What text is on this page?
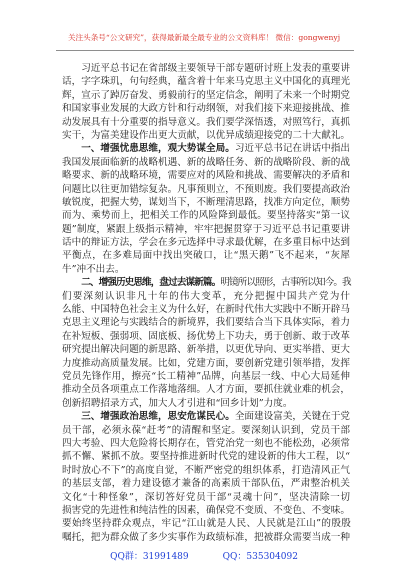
关注头条号“公文研究”，获得最新最全最专业的公文资料库！ 微信：gongwenyj
习近平总书记在省部级主要领导干部专题研讨班上发表的重要讲
话，字字珠玑，句句经典，蕴含着十年来马克思主义中国化的真理光
辉，宣示了踔厉奋发、勇毅前行的坚定信念，阐明了未来一个时期党
和国家事业发展的大政方针和行动纲领，对我们接下来迎接挑战、推
动发展具有十分重要的指导意义。我们要学深悟透，对照笃行，真抓
实干，为富美建设作出更大贡献，以优异成绩迎接党的二十大献礼。
一、增强忧患思维，观大势谋全局。习近平总书记在讲话中指出
我国发展面临新的战略机遇、新的战略任务、新的战略阶段、新的战
略要求、新的战略环境，需要应对的风险和挑战、需要解决的矛盾和
问题比以往更加错综复杂。凡事预则立，不预则废。我们要提高政治
敏锐度，把握大势，谋划当下，不断理清思路，找准方向定位，顺势
而为、乘势而上，把相关工作的风险降到最低。要坚持落实“第一议
题”制度，紧跟上级指示精神，牢牢把握贯穿于习近平总书记重要讲
话中的辩证方法，学会在多元选择中寻求最优解，在多重目标中达到
平衡点，在多难局面中找出突破口，让“黑天鹅”飞不起来，“灰犀
牛”冲不出去。
二、增强历史思维，盘过去谋新篇。明镜所以照形，古事所以知今。我
们要深刻认识非凡十年的伟大变革，充分把握中国共产党为什
么能、中国特色社会主义为什么好，在新时代伟大实践中不断开辟马
克思主义理论与实践结合的新境界，我们要结合当下具体实际，着力
在补短板、强弱项、固底板、扬优势上下功夫，勇于创新、敢于改革
研究提出解决问题的新思路、新举措，以更优导向、更实举措、更大
力度推动高质量发展。比如，党建方面，要创新党建引领举措，发挥
党员先锋作用，擦亮“长工精神”品牌，向基层一线、中心大局延伸
推动全员各项重点工作落地落细。人才方面，要抓住就业难的机会，
创新招聘招录方式，加大人才引进和“回乡计划”力度。
三、增强政治思维，思安危谋民心。全面建设富美，关键在于党
员干部，必须永葆“赶考”的清醒和坚定。要深刻认识到，党员干部
四大考验、四大危险将长期存在，管党治党一刻也不能松劲，必须常
抓不懈、紧抓不放。要坚持推进新时代党的建设新的伟大工程，以“
时时放心不下”的高度自觉，不断严密党的组织体系，打造清风正气
的基层支部，着力建设德才兼备的高素质干部队伍，严肃整治机关
文化“十种怪象”，深切答好党员干部“灵魂十问”，坚决清除一切
损害党的先进性和纯洁性的因素，确保党不变质、不变色、不变味。
要始终坚持群众观点，牢记“江山就是人民、人民就是江山”的殷殷
嘱托，把为群众做了多少实事作为政绩标准，把被群众需要当成一种
QQ群：31991489	QQ：535304092
